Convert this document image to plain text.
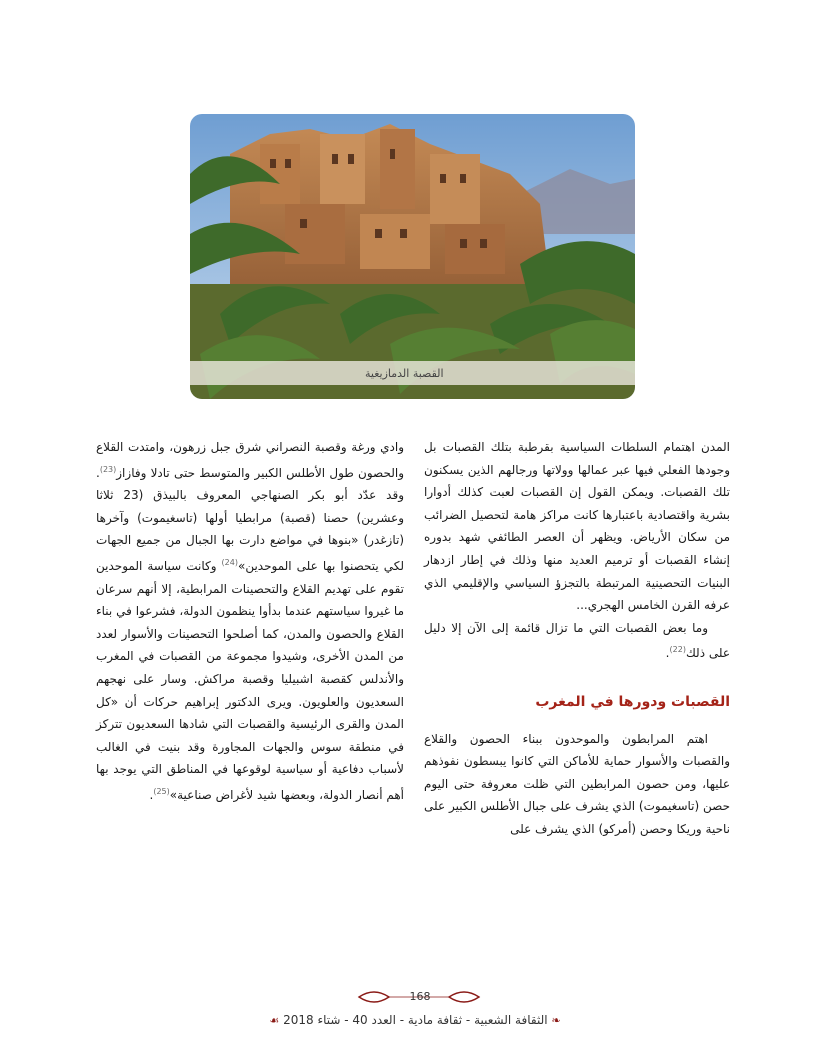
القصبة الدمازيغية

المدن اهتمام السلطات السياسية بقرطبة بتلك القصبات بل وجودها الفعلي فيها عبر عمالها وولاتها ورجالهم الذين يسكنون تلك القصبات. ويمكن القول إن القصبات لعبت كذلك أدوارا بشرية واقتصادية باعتبارها كانت مراكز هامة لتحصيل الضرائب من سكان الأرياض. ويظهر أن العصر الطائفي شهد بدوره إنشاء القصبات أو ترميم العديد منها وذلك في إطار ازدهار البنيات التحصينية المرتبطة بالتجزؤ السياسي والإقليمي الذي عرفه القرن الخامس الهجري...

وما بعض القصبات التي ما تزال قائمة إلى الآن إلا دليل على ذلك$^{(22)}$.

القصبات ودورها في المغرب

اهتم المرابطون والموحدون ببناء الحصون والقلاع والقصبات والأسوار حماية للأماكن التي كانوا يبسطون نفوذهم عليها، ومن حصون المرابطين التي ظلت معروفة حتى اليوم حصن (تاسغيموت) الذي يشرف على جبال الأطلس الكبير على ناحية وريكا وحصن (أمركو) الذي يشرف على

وادي ورغة وقصبة النصراني شرق جبل زرهون، وامتدت القلاع والحصون طول الأطلس الكبير والمتوسط حتى تادلا وفازاز$^{(23)}$. وقد عدّد أبو بكر الصنهاجي المعروف بالبيذق (23 ثلاثا وعشرين) حصنا (قصبة) مرابطيا أولها (تاسغيموت) وآخرها (تازغدر) «بنوها في مواضع دارت بها الجبال من جميع الجهات لكي يتحصنوا بها على الموحدين»$^{(24)}$ وكانت سياسة الموحدين تقوم على تهديم القلاع والتحصينات المرابطية، إلا أنهم سرعان ما غيروا سياستهم عندما بدأوا ينظمون الدولة، فشرعوا في بناء القلاع والحصون والمدن، كما أصلحوا التحصينات والأسوار لعدد من المدن الأخرى، وشيدوا مجموعة من القصبات في المغرب والأندلس كقصبة اشبيليا وقصبة مراكش. وسار على نهجهم السعديون والعلويون. ويرى الدكتور إبراهيم حركات أن «كل المدن والقرى الرئيسية والقصبات التي شادها السعديون تتركز في منطقة سوس والجهات المجاورة وقد بنيت في الغالب لأسباب دفاعية أو سياسية لوقوعها في المناطق التي يوجد بها أهم أنصار الدولة، وبعضها شيد لأغراض صناعية»$^{(25)}$.

168
❧ الثقافة الشعبية - ثقافة مادية - العدد 40 - شتاء 2018 ☙
